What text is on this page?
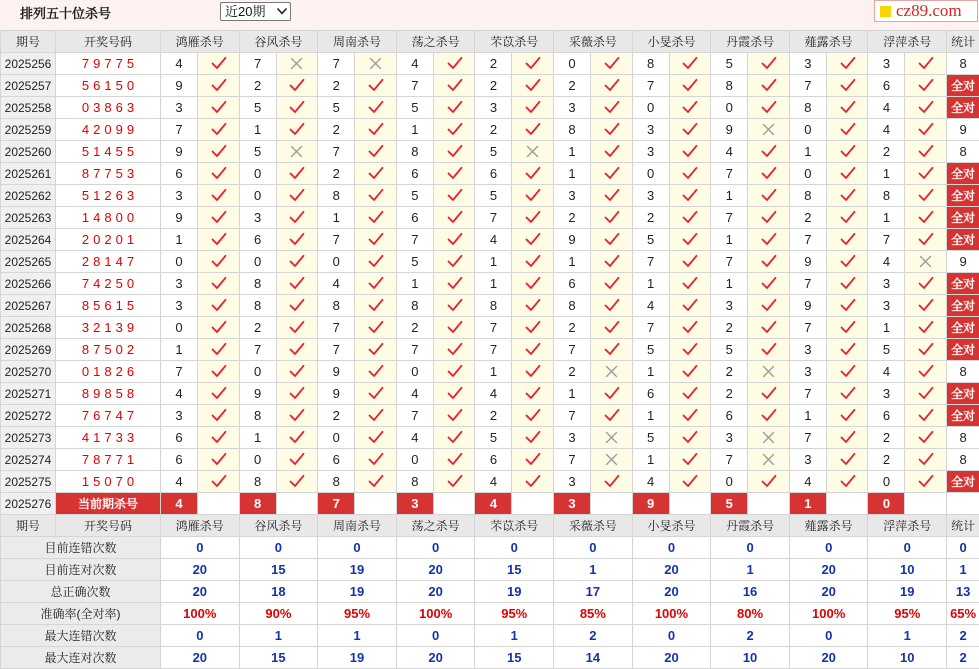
排列五十位杀号	近20期	cz89.com
期号	开奖号码	鸿雁杀号		谷风杀号		周南杀号		荡之杀号		芣苡杀号		采薇杀号		小旻杀号		丹霞杀号		薤露杀号		浮萍杀号		统计
2025256	79775	4		7		7		4		2		0		8		5		3		3		8
2025257	56150	9		2		2		7		2		2		7		8		7		6		全对
2025258	03863	3		5		5		5		3		3		0		0		8		4		全对
2025259	42099	7		1		2		1		2		8		3		9		0		4		9
2025260	51455	9		5		7		8		5		1		3		4		1		2		8
2025261	87753	6		0		2		6		6		1		0		7		0		1		全对
2025262	51263	3		0		8		5		5		3		3		1		8		8		全对
2025263	14800	9		3		1		6		7		2		2		7		2		1		全对
2025264	20201	1		6		7		7		4		9		5		1		7		7		全对
2025265	28147	0		0		0		5		1		1		7		7		9		4		9
2025266	74250	3		8		4		1		1		6		1		1		7		3		全对
2025267	85615	3		8		8		8		8		8		4		3		9		3		全对
2025268	32139	0		2		7		2		7		2		7		2		7		1		全对
2025269	87502	1		7		7		7		7		7		5		5		3		5		全对
2025270	01826	7		0		9		0		1		2		1		2		3		4		8
2025271	89858	4		9		9		4		4		1		6		2		7		3		全对
2025272	76747	3		8		2		7		2		7		1		6		1		6		全对
2025273	41733	6		1		0		4		5		3		5		3		7		2		8
2025274	78771	6		0		6		0		6		7		1		7		3		2		8
2025275	15070	4		8		8		8		4		3		4		0		4		0		全对
2025276	当前期杀号	4		8		7		3		4		3		9		5		1		0		
期号	开奖号码	鸿雁杀号		谷风杀号		周南杀号		荡之杀号		芣苡杀号		采薇杀号		小旻杀号		丹霞杀号		薤露杀号		浮萍杀号		统计
目前连错次数		0		0		0		0		0		0		0		0		0		0		0
目前连对次数		20		15		19		20		15		1		20		1		20		10		1
总正确次数		20		18		19		20		19		17		20		16		20		19		13
准确率(全对率)		100%		90%		95%		100%		95%		85%		100%		80%		100%		95%		65%
最大连错次数		0		1		1		0		1		2		0		2		0		1		2
最大连对次数		20		15		19		20		15		14		20		10		20		10		2
